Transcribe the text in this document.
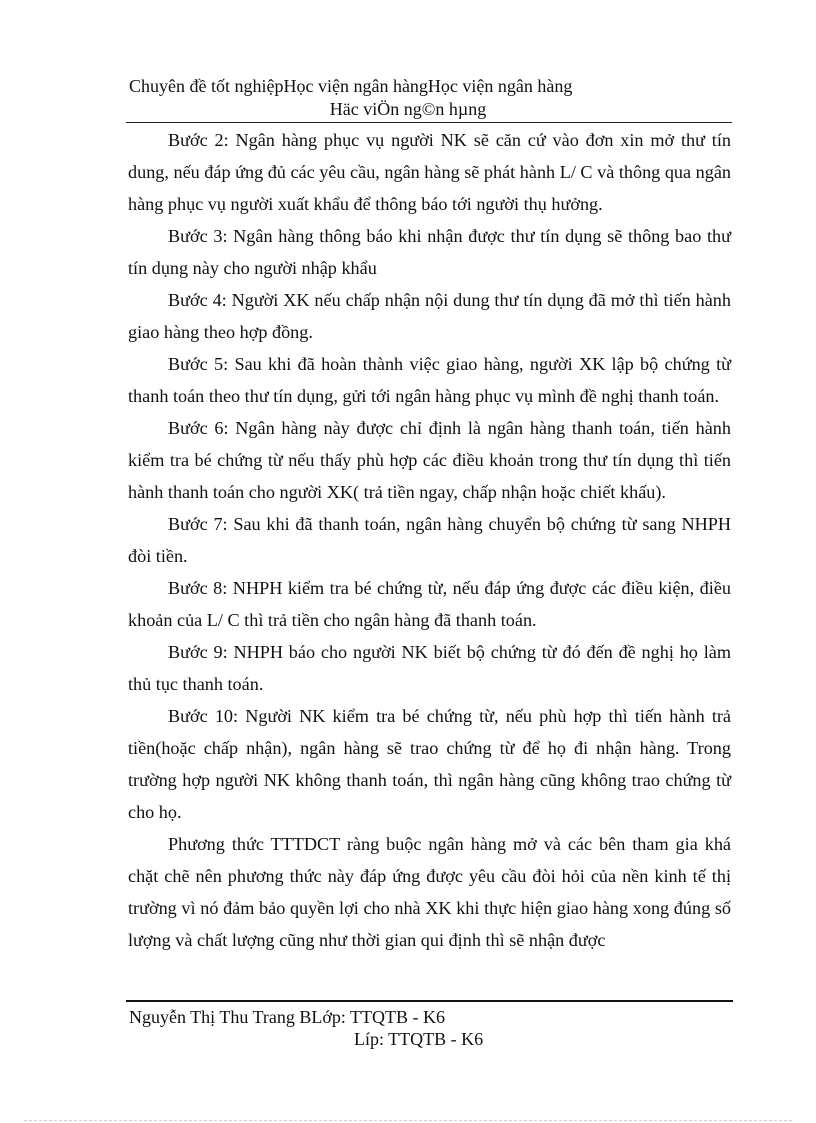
Chuyên đề tốt nghiệpHọc viện ngân hàngHọc viện ngân hàng
Häc viÖn ng©n hµng

Bước 2: Ngân hàng phục vụ người NK sẽ căn cứ vào đơn xin mở thư tín dung, nếu đáp ứng đủ các yêu cầu, ngân hàng sẽ phát hành L/ C và thông qua ngân hàng phục vụ người xuất khẩu để thông báo tới người thụ hưởng.

Bước 3: Ngân hàng thông báo khi nhận được thư tín dụng sẽ thông bao thư tín dụng này cho người nhập khẩu

Bước 4: Người XK nếu chấp nhận nội dung thư tín dụng đã mở thì tiến hành giao hàng theo hợp đồng.

Bước 5: Sau khi đã hoàn thành việc giao hàng, người XK lập bộ chứng từ thanh toán theo thư tín dụng, gửi tới ngân hàng phục vụ mình đề nghị thanh toán.

Bước 6: Ngân hàng này được chỉ định là ngân hàng thanh toán, tiến hành kiểm tra bé chứng từ nếu thấy phù hợp các điều khoản trong thư tín dụng thì tiến hành thanh toán cho người XK( trả tiền ngay, chấp nhận hoặc chiết khấu).

Bước 7: Sau khi đã thanh toán, ngân hàng chuyển bộ chứng từ sang NHPH đòi tiền.

Bước 8: NHPH kiểm tra bé chứng từ, nếu đáp ứng được các điều kiện, điều khoản của L/ C thì trả tiền cho ngân hàng đã thanh toán.

Bước 9: NHPH báo cho người NK biết bộ chứng từ đó đến đề nghị họ làm thủ tục thanh toán.

Bước 10: Người NK kiểm tra bé chứng từ, nếu phù hợp thì tiến hành trả tiền(hoặc chấp nhận), ngân hàng sẽ trao chứng từ để họ đi nhận hàng. Trong trường hợp người NK không thanh toán, thì ngân hàng cũng không trao chứng từ cho họ.

Phương thức TTTDCT ràng buộc ngân hàng mở và các bên tham gia khá chặt chẽ nên phương thức này đáp ứng được yêu cầu đòi hỏi của nền kinh tế thị trường vì nó đảm bảo quyền lợi cho nhà XK khi thực hiện giao hàng xong đúng số lượng và chất lượng cũng như thời gian qui định thì sẽ nhận được

Nguyễn Thị Thu Trang BLớp: TTQTB - K6
Líp: TTQTB - K6
